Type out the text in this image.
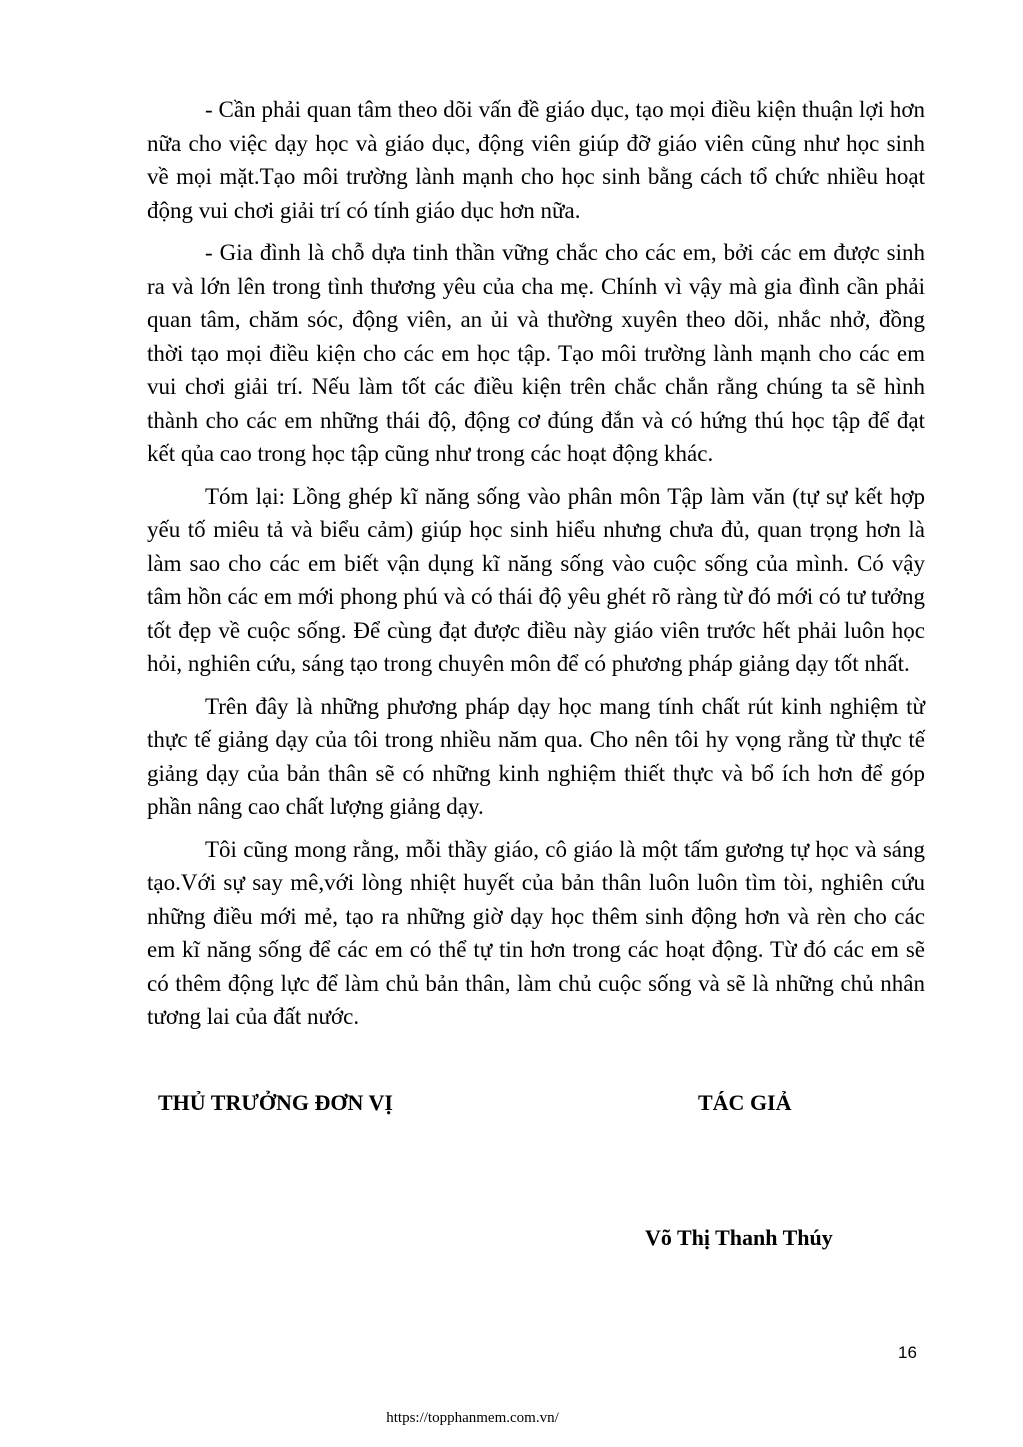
- Cần phải quan tâm theo dõi vấn đề giáo dục, tạo mọi điều kiện thuận lợi hơn nữa cho việc dạy học và giáo dục, động viên giúp đỡ giáo viên cũng như học sinh về mọi mặt.Tạo môi trường lành mạnh cho học sinh bằng cách tổ chức nhiều hoạt động vui chơi giải trí có tính giáo dục hơn nữa.

- Gia đình là chỗ dựa tinh thần vững chắc cho các em, bởi các em được sinh ra và lớn lên trong tình thương yêu của cha mẹ. Chính vì vậy mà gia đình cần phải quan tâm, chăm sóc, động viên, an ủi và thường xuyên theo dõi, nhắc nhở, đồng thời tạo mọi điều kiện cho các em học tập. Tạo môi trường lành mạnh cho các em vui chơi giải trí. Nếu làm tốt các điều kiện trên chắc chắn rằng chúng ta sẽ hình thành cho các em những thái độ, động cơ đúng đắn và có hứng thú học tập để đạt kết qủa cao trong học tập cũng như trong các hoạt động khác.

Tóm lại: Lồng ghép kĩ năng sống vào phân môn Tập làm văn (tự sự kết hợp yếu tố miêu tả và biểu cảm) giúp học sinh hiểu nhưng chưa đủ, quan trọng hơn là làm sao cho các em biết vận dụng kĩ năng sống vào cuộc sống của mình. Có vậy tâm hồn các em mới phong phú và có thái độ yêu ghét rõ ràng từ đó mới có tư tưởng tốt đẹp về cuộc sống. Để cùng đạt được điều này giáo viên trước hết phải luôn học hỏi, nghiên cứu, sáng tạo trong chuyên môn để có phương pháp giảng dạy tốt nhất.

Trên đây là những phương pháp dạy học mang tính chất rút kinh nghiệm từ thực tế giảng dạy của tôi trong nhiều năm qua. Cho nên tôi hy vọng rằng từ thực tế giảng dạy của bản thân sẽ có những kinh nghiệm thiết thực và bổ ích hơn để góp phần nâng cao chất lượng giảng dạy.

Tôi cũng mong rằng, mỗi thầy giáo, cô giáo là một tấm gương tự học và sáng tạo.Với sự say mê,với lòng nhiệt huyết của bản thân luôn luôn tìm tòi, nghiên cứu những điều mới mẻ, tạo ra những giờ dạy học thêm sinh động hơn và rèn cho các em kĩ năng sống để các em có thể tự tin hơn trong các hoạt động. Từ đó các em sẽ có thêm động lực để làm chủ bản thân, làm chủ cuộc sống và sẽ là những chủ nhân tương lai của đất nước.

THỦ TRƯỞNG ĐƠN VỊ	TÁC GIẢ
Võ Thị Thanh Thúy
16
https://topphanmem.com.vn/
